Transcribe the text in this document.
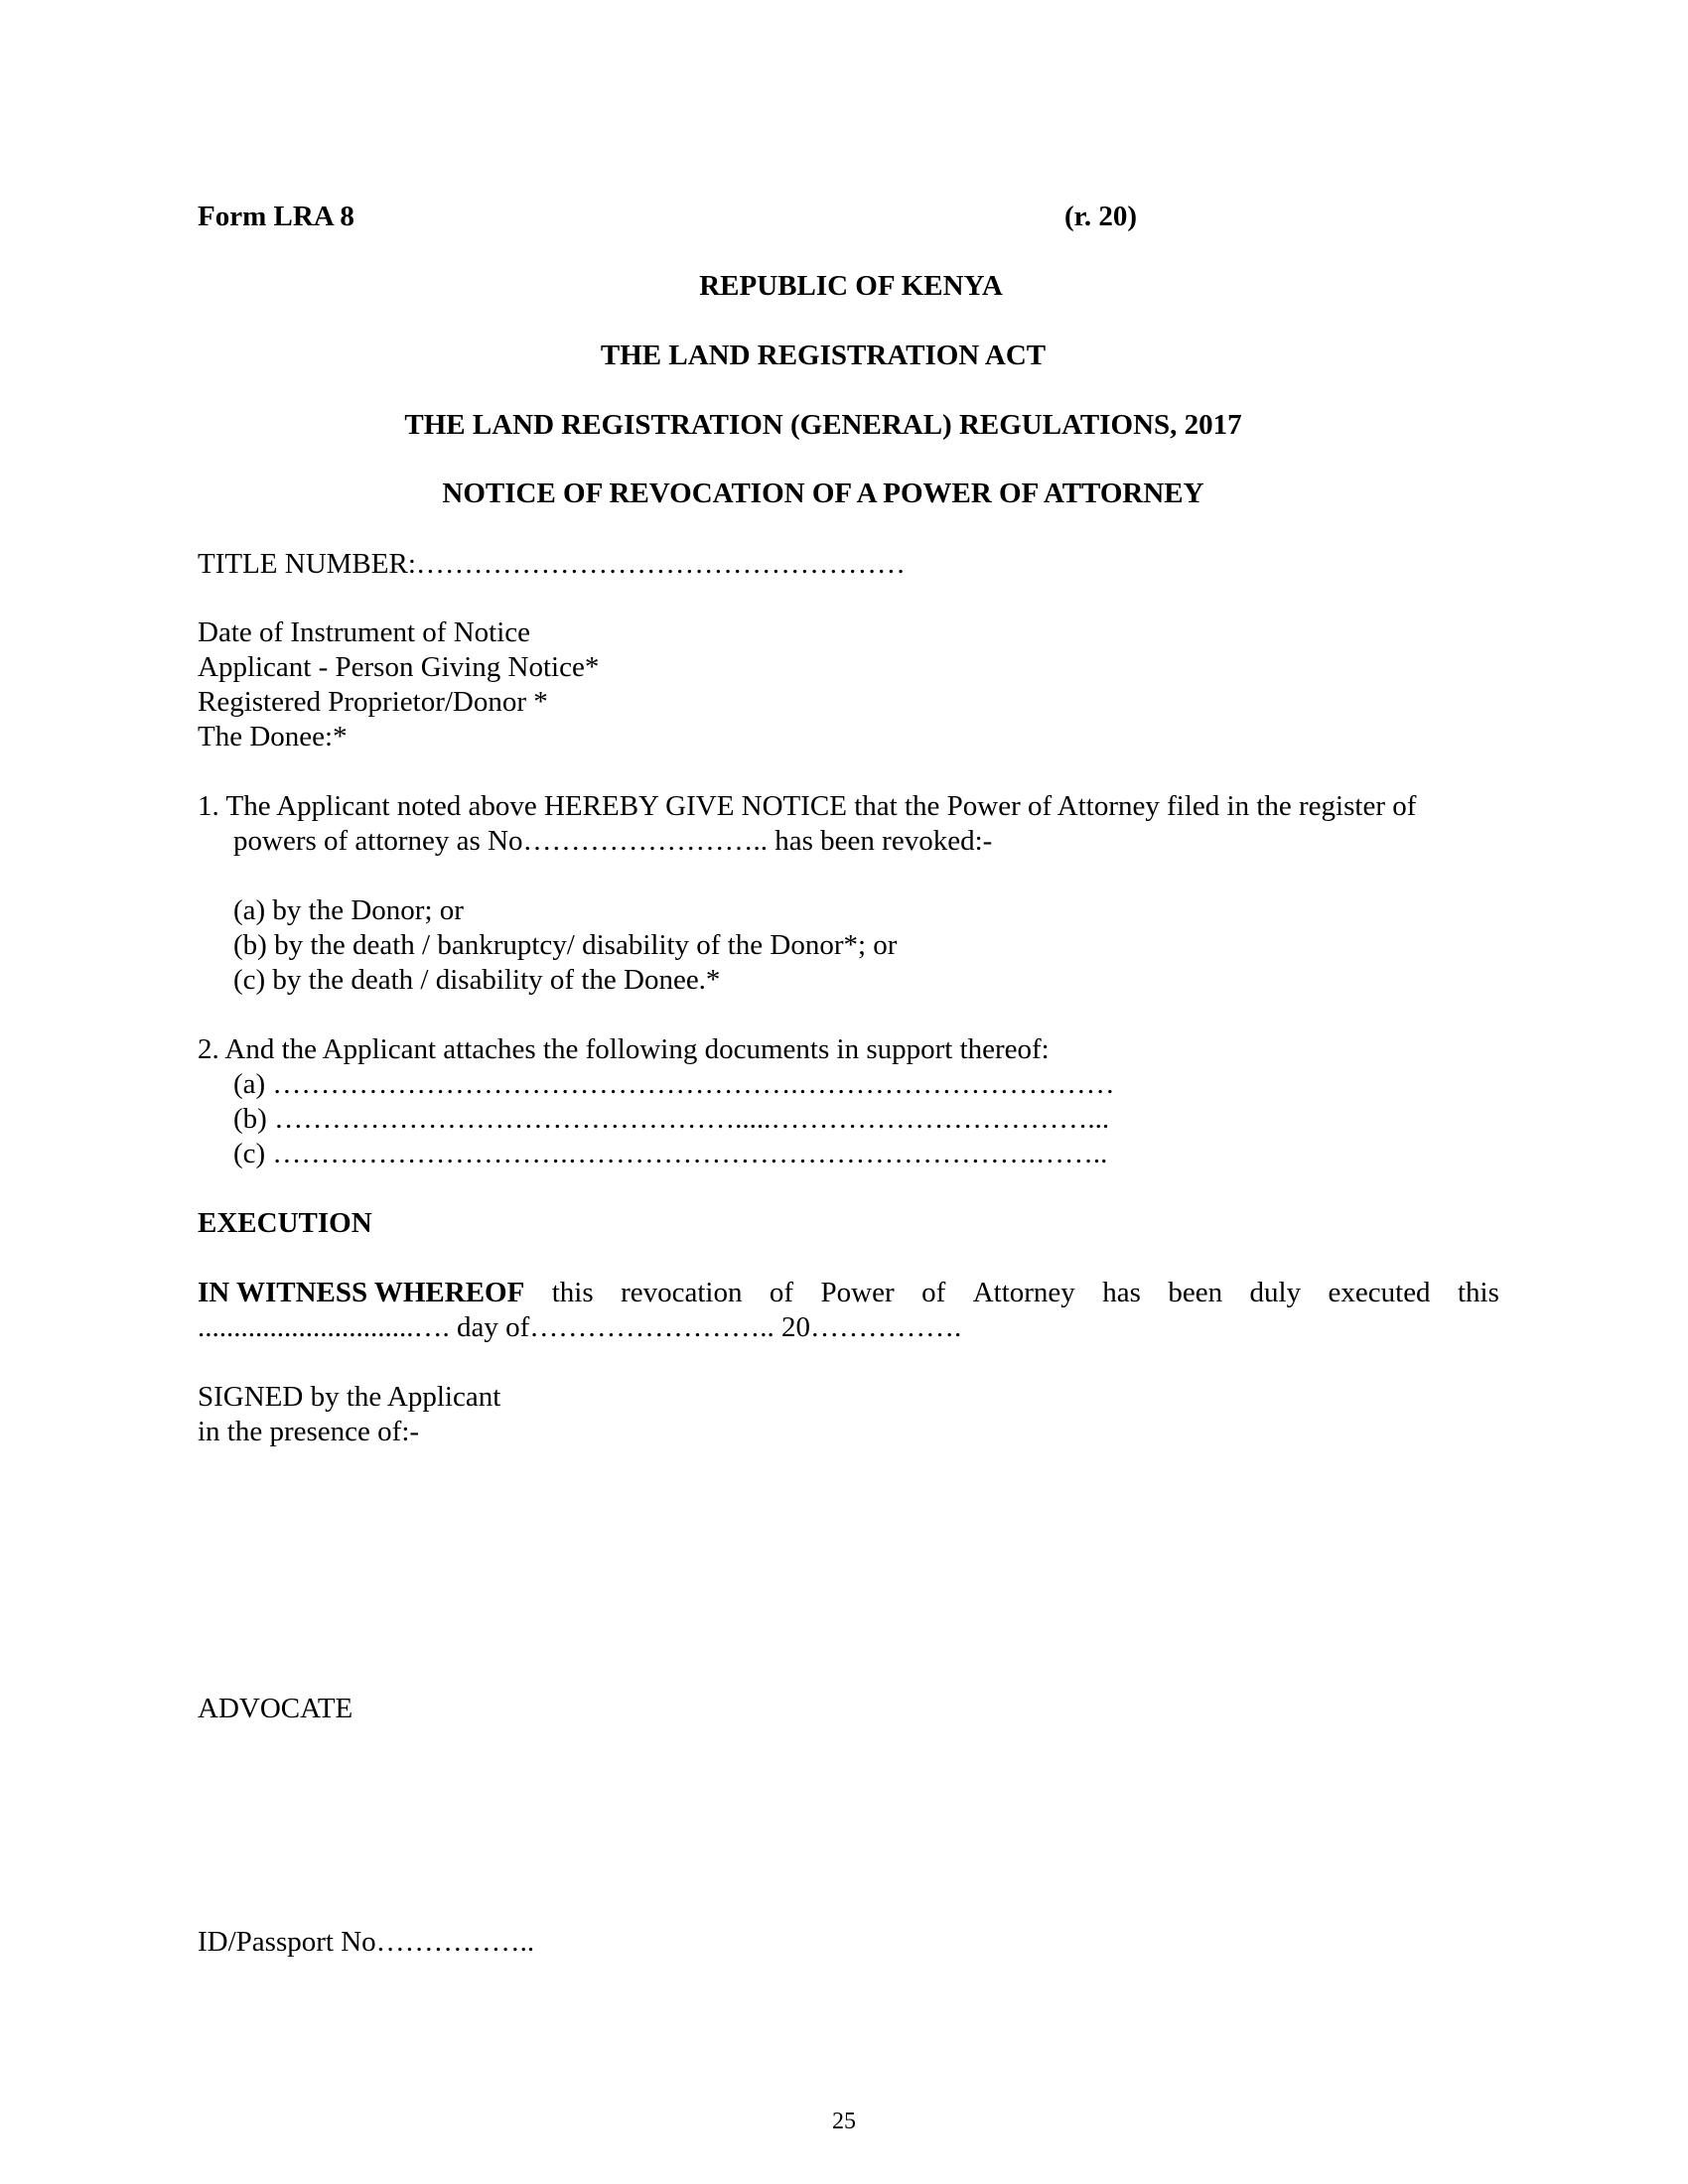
Form LRA 8	(r. 20)
REPUBLIC OF KENYA
THE LAND REGISTRATION ACT
THE LAND REGISTRATION (GENERAL) REGULATIONS, 2017
NOTICE OF REVOCATION OF A POWER OF ATTORNEY
TITLE NUMBER:……………………………………………
Date of Instrument of Notice
Applicant - Person Giving Notice*
Registered Proprietor/Donor *
The Donee:*
1. The Applicant noted above HEREBY GIVE NOTICE that the Power of Attorney filed in the register of
powers of attorney as No…………………….. has been revoked:-
(a) by the Donor; or
(b) by the death / bankruptcy/ disability of the Donor*; or
(c) by the death / disability of the Donee.*
2. And the Applicant attaches the following documents in support thereof:
(a) ……………………………………………….……………………………
(b) ………………………………………….....……………………………...
(c) ………………………….………………………………………….……..
EXECUTION
IN WITNESS WHEREOF this revocation of Power of Attorney has been duly executed this
..............................…. day of…………………….. 20…………….
SIGNED by the Applicant
in the presence of:-
ADVOCATE
ID/Passport No……………..
25
